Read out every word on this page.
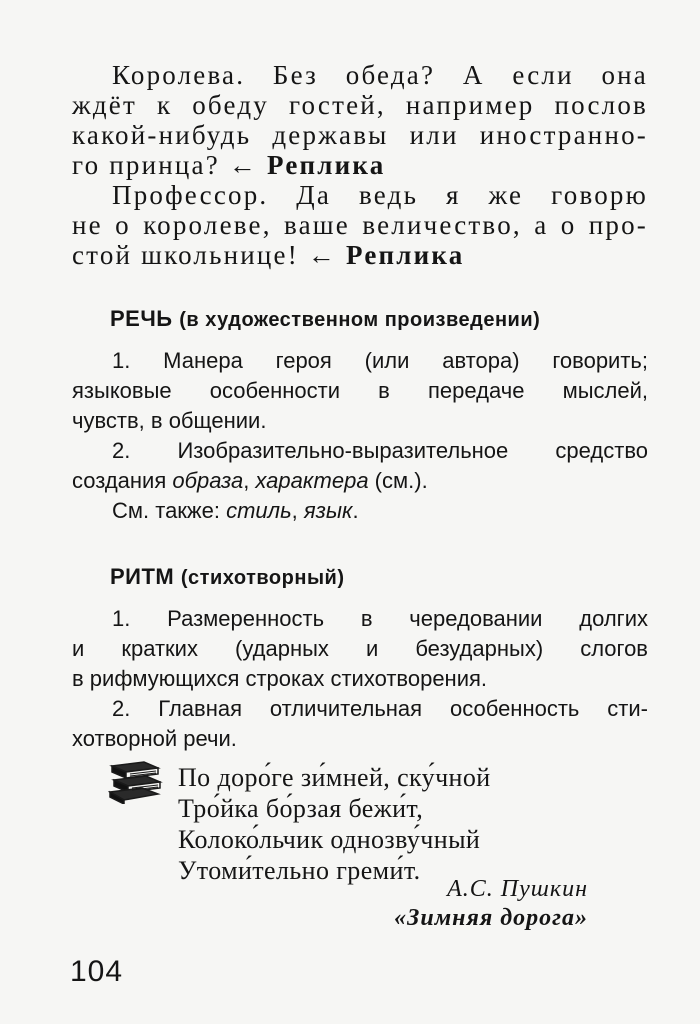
Королева. Без обеда? А если она
ждёт к обеду гостей, например послов
какой-нибудь державы или иностранно-
го принца? ← Реплика
Профессор. Да ведь я же говорю
не о королеве, ваше величество, а о про-
стой школьнице! ← Реплика
РЕЧЬ (в художественном произведении)
1. Манера героя (или автора) говорить;
языковые особенности в передаче мыслей,
чувств, в общении.
2. Изобразительно-выразительное средство
создания образа, характера (см.).
См. также: стиль, язык.
РИТМ (стихотворный)
1. Размеренность в чередовании долгих
и кратких (ударных и безударных) слогов
в рифмующихся строках стихотворения.
2. Главная отличительная особенность сти-
хотворной речи.
По доро́ге зи́мней, ску́чной
Тро́йка бо́рзая бежи́т,
Колоко́льчик однозву́чный
Утоми́тельно греми́т.
А.С. Пушкин
«Зимняя дорога»
104
